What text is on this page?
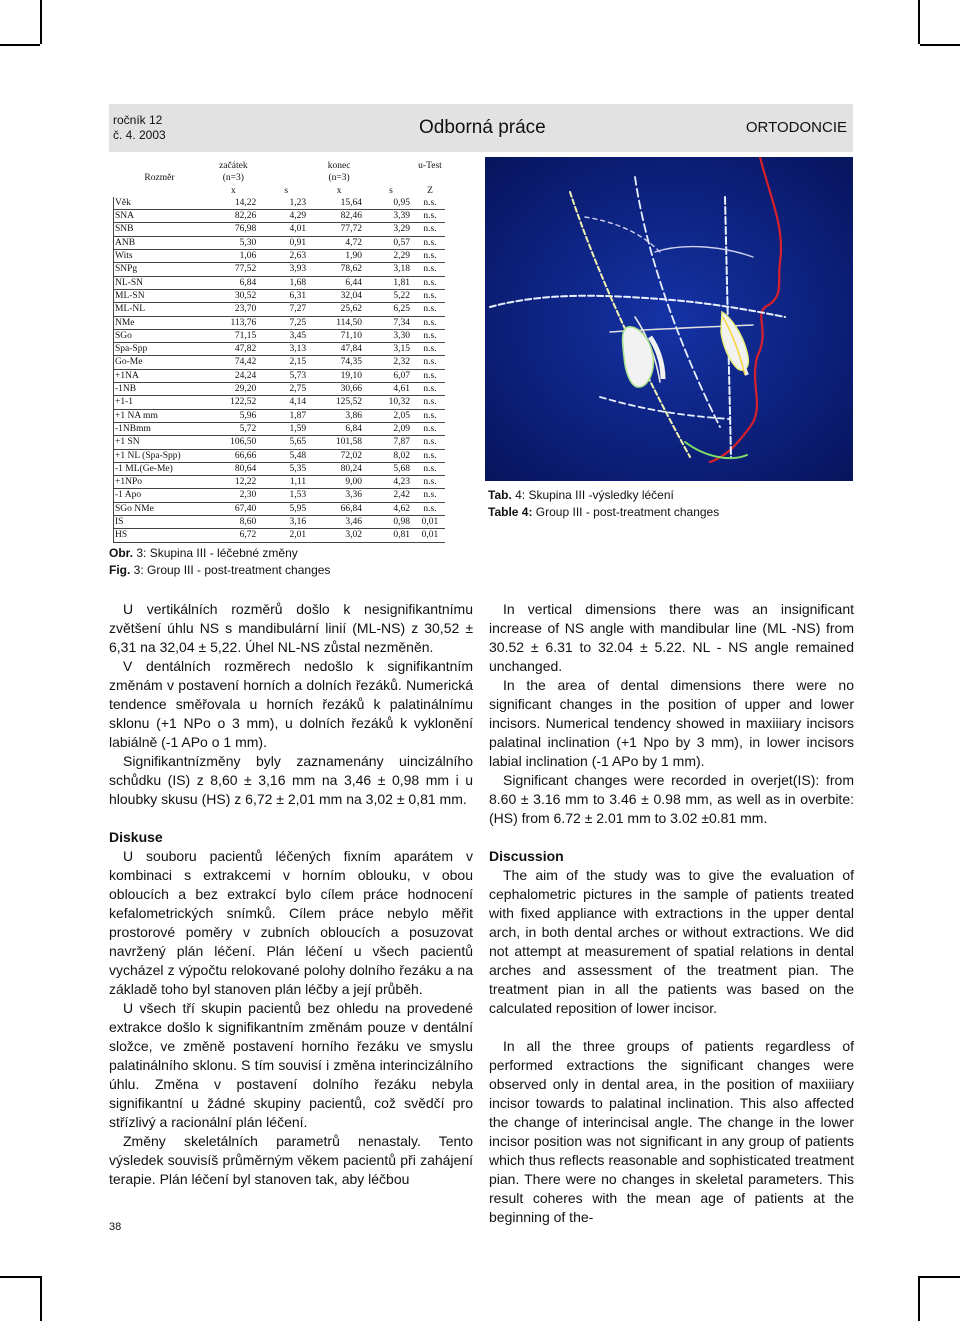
ročník 12
č. 4. 2003	Odborná práce	ORTODONCIE
	začátek		konec		u-Test
Rozměr	(n=3)		(n=3)		
	x	s	x	s	Z
Věk	14,22	1,23	15,64	0,95	n.s.
SNA	82,26	4,29	82,46	3,39	n.s.
SNB	76,98	4,01	77,72	3,29	n.s.
ANB	5,30	0,91	4,72	0,57	n.s.
Wits	1,06	2,63	1,90	2,29	n.s.
SNPg	77,52	3,93	78,62	3,18	n.s.
NL-SN	6,84	1,68	6,44	1,81	n.s.
ML-SN	30,52	6,31	32,04	5,22	n.s.
ML-NL	23,70	7,27	25,62	6,25	n.s.
NMe	113,76	7,25	114,50	7,34	n.s.
SGo	71,15	3,45	71,10	3,30	n.s.
Spa-Spp	47,82	3,13	47,84	3,15	n.s.
Go-Me	74,42	2,15	74,35	2,32	n.s.
+1NA	24,24	5,73	19,10	6,07	n.s.
-1NB	29,20	2,75	30,66	4,61	n.s.
+1-1	122,52	4,14	125,52	10,32	n.s.
+1 NA mm	5,96	1,87	3,86	2,05	n.s.
-1NBmm	5,72	1,59	6,84	2,09	n.s.
+1 SN	106,50	5,65	101,58	7,87	n.s.
+1 NL (Spa-Spp)	66,66	5,48	72,02	8,02	n.s.
-1 ML(Ge-Me)	80,64	5,35	80,24	5,68	n.s.
+1NPo	12,22	1,11	9,00	4,23	n.s.
-1 Apo	2,30	1,53	3,36	2,42	n.s.
SGo NMe	67,40	5,95	66,84	4,62	n.s.
IS	8,60	3,16	3,46	0,98	0,01
HS	6,72	2,01	3,02	0,81	0,01
Tab. 4: Skupina III -výsledky léčení
Table 4: Group III - post-treatment changes
Obr. 3: Skupina III - léčebné změny
Fig. 3: Group III - post-treatment changes

U vertikálních rozměrů došlo k nesignifikantnímu zvětšení úhlu NS s mandibulární linií (ML-NS) z 30,52 ± 6,31 na 32,04 ± 5,22. Úhel NL-NS zůstal nezměněn.

V dentálních rozměrech nedošlo k signifikantním změnám v postavení horních a dolních řezáků. Numerická tendence směřovala u horních řezáků k palatinálnímu sklonu (+1 NPo o 3 mm), u dolních řezáků k vyklonění labiálně (-1 APo o 1 mm).

Signifikantnízměny byly zaznamenány uincizálního schůdku (IS) z 8,60 ± 3,16 mm na 3,46 ± 0,98 mm i u hloubky skusu (HS) z 6,72 ± 2,01 mm na 3,02 ± 0,81 mm.

Diskuse

U souboru pacientů léčených fixním aparátem v kombinaci s extrakcemi v horním oblouku, v obou obloucích a bez extrakcí bylo cílem práce hodnocení kefalometrických snímků. Cílem práce nebylo měřit prostorové poměry v zubních obloucích a posuzovat navržený plán léčení. Plán léčení u všech pacientů vycházel z výpočtu relokované polohy dolního řezáku a na základě toho byl stanoven plán léčby a její průběh.

U všech tří skupin pacientů bez ohledu na provedené extrakce došlo k signifikantním změnám pouze v dentální složce, ve změně postavení horního řezáku ve smyslu palatinálního sklonu. S tím souvisí i změna interincizálního úhlu. Změna v postavení dolního řezáku nebyla signifikantní u žádné skupiny pacientů, což svědčí pro střízlivý a racionální plán léčení.

Změny skeletálních parametrů nenastaly. Tento výsledek souvisíš průměrným věkem pacientů při zahájení terapie. Plán léčení byl stanoven tak, aby léčbou

In vertical dimensions there was an insignificant increase of NS angle with mandibular line (ML -NS) from 30.52 ± 6.31 to 32.04 ± 5.22. NL - NS angle remained unchanged.

In the area of dental dimensions there were no significant changes in the position of upper and lower incisors. Numerical tendency showed in maxiiiary incisors palatinal inclination (+1 Npo by 3 mm), in lower incisors labial inclination (-1 APo by 1 mm).

Significant changes were recorded in overjet(IS): from 8.60 ± 3.16 mm to 3.46 ± 0.98 mm, as well as in overbite: (HS) from 6.72 ± 2.01 mm to 3.02 ±0.81 mm.

Discussion

The aim of the study was to give the evaluation of cephalometric pictures in the sample of patients treated with fixed appliance with extractions in the upper dental arch, in both dental arches or without extractions. We did not attempt at measurement of spatial relations in dental arches and assessment of the treatment pian. The treatment pian in all the patients was based on the calculated reposition of lower incisor.

In all the three groups of patients regardless of performed extractions the significant changes were observed only in dental area, in the position of maxiiiary incisor towards to palatinal inclination. This also affected the change of interincisal angle. The change in the lower incisor position was not significant in any group of patients which thus reflects reasonable and sophisticated treatment pian. There were no changes in skeletal parameters. This result coheres with the mean age of patients at the beginning of the-

38
